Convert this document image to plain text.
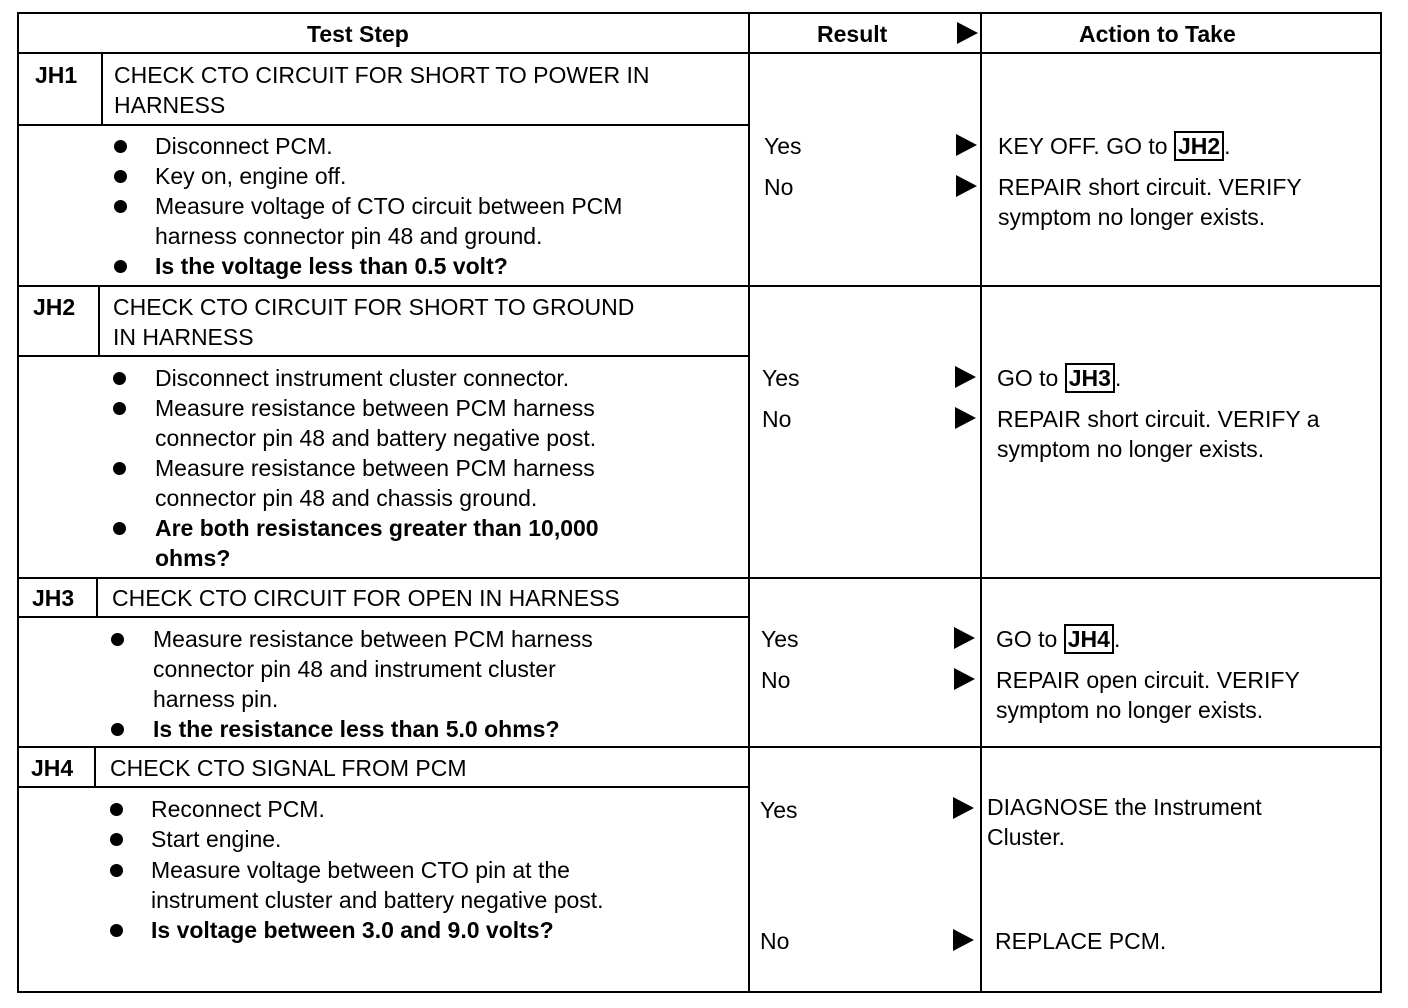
Test Step	Result	Action to Take
JH1 CHECK CTO CIRCUIT FOR SHORT TO POWER IN
HARNESS
Disconnect PCM.
Key on, engine off.
Measure voltage of CTO circuit between PCM
harness connector pin 48 and ground.
Is the voltage less than 0.5 volt?
Yes	KEY OFF. GO to JH2 .
No	REPAIR short circuit. VERIFY
symptom no longer exists.
JH2 CHECK CTO CIRCUIT FOR SHORT TO GROUND
IN HARNESS
Disconnect instrument cluster connector.
Measure resistance between PCM harness
connector pin 48 and battery negative post.
Measure resistance between PCM harness
connector pin 48 and chassis ground.
Are both resistances greater than 10,000
ohms?
Yes	GO to JH3 .
No	REPAIR short circuit. VERIFY a
symptom no longer exists.
JH3 CHECK CTO CIRCUIT FOR OPEN IN HARNESS
Measure resistance between PCM harness
connector pin 48 and instrument cluster
harness pin.
Is the resistance less than 5.0 ohms?
Yes	GO to JH4 .
No	REPAIR open circuit. VERIFY
symptom no longer exists.
JH4 CHECK CTO SIGNAL FROM PCM
Reconnect PCM.
Start engine.
Measure voltage between CTO pin at the
instrument cluster and battery negative post.
Is voltage between 3.0 and 9.0 volts?
Yes	DIAGNOSE the Instrument
Cluster.
No	REPLACE PCM.
